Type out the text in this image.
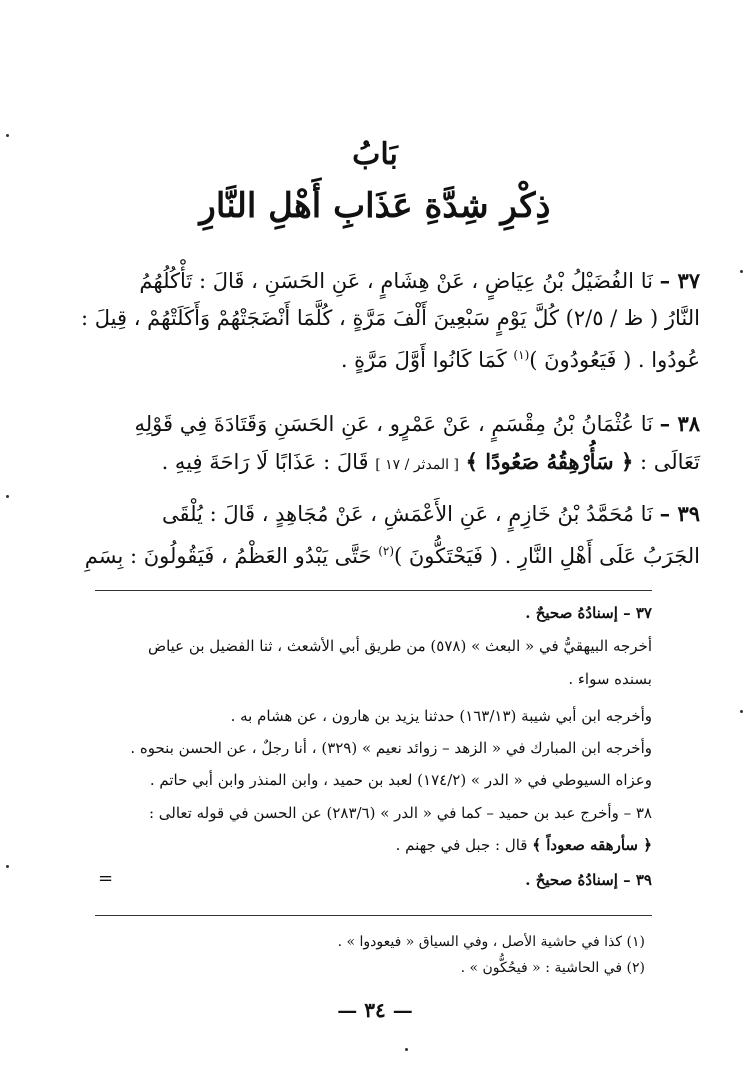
بَابُ
ذِكْرِ شِدَّةِ عَذَابِ أَهْلِ النَّارِ
٣٧ – نَا الفُضَيْلُ بْنُ عِيَاضٍ ، عَنْ هِشَامٍ ، عَنِ الحَسَنِ ، قَالَ : تَأْكُلُهُمُ
النَّارُ ( ظ / ٢/٥) كُلَّ يَوْمٍ سَبْعِينَ أَلْفَ مَرَّةٍ ، كُلَّمَا أَنْضَجَتْهُمْ وَأَكَلَتْهُمْ ، قِيلَ :
عُودُوا . ( فَيَعُودُونَ )$^{(١)}$ كَمَا كَانُوا أَوَّلَ مَرَّةٍ .
٣٨ – نَا عُثْمَانُ بْنُ مِقْسَمٍ ، عَنْ عَمْرٍو ، عَنِ الحَسَنِ وَقَتَادَةَ فِي قَوْلِهِ
تَعَالَى : ﴿ سَأُرْهِقُهُ صَعُودًا ﴾ [ المدثر / ١٧ ] قَالَ : عَذَابًا لَا رَاحَةَ فِيهِ .
٣٩ – نَا مُحَمَّدُ بْنُ خَازِمٍ ، عَنِ الأَعْمَشِ ، عَنْ مُجَاهِدٍ ، قَالَ : يُلْقَى
الجَرَبُ عَلَى أَهْلِ النَّارِ . ( فَيَحْتَكُّونَ )$^{(٢)}$ حَتَّى يَبْدُو العَظْمُ ، فَيَقُولُونَ : بِسَمِ
٣٧ – إسنادُهُ صحيحٌ .
أخرجه البيهقيُّ في « البعث » (٥٧٨) من طريق أبي الأشعث ، ثنا الفضيل بن عياض
بسنده سواء .
وأخرجه ابن أبي شيبة (١٦٣/١٣) حدثنا يزيد بن هارون ، عن هشام به .
وأخرجه ابن المبارك في « الزهد – زوائد نعيم » (٣٢٩) ، أنا رجلٌ ، عن الحسن بنحوه .
وعزاه السيوطي في « الدر » (١٧٤/٢) لعبد بن حميد ، وابن المنذر وابن أبي حاتم .
٣٨ – وأخرج عبد بن حميد – كما في « الدر » (٢٨٣/٦) عن الحسن في قوله تعالى :
﴿ سأرهقه صعوداً ﴾ قال : جبل في جهنم .
٣٩ – إسنادُهُ صحيحٌ .
=
(١) كذا في حاشية الأصل ، وفي السياق « فيعودوا » .
(٢) في الحاشية : « فيحُكُّون » .
— ٣٤ —
